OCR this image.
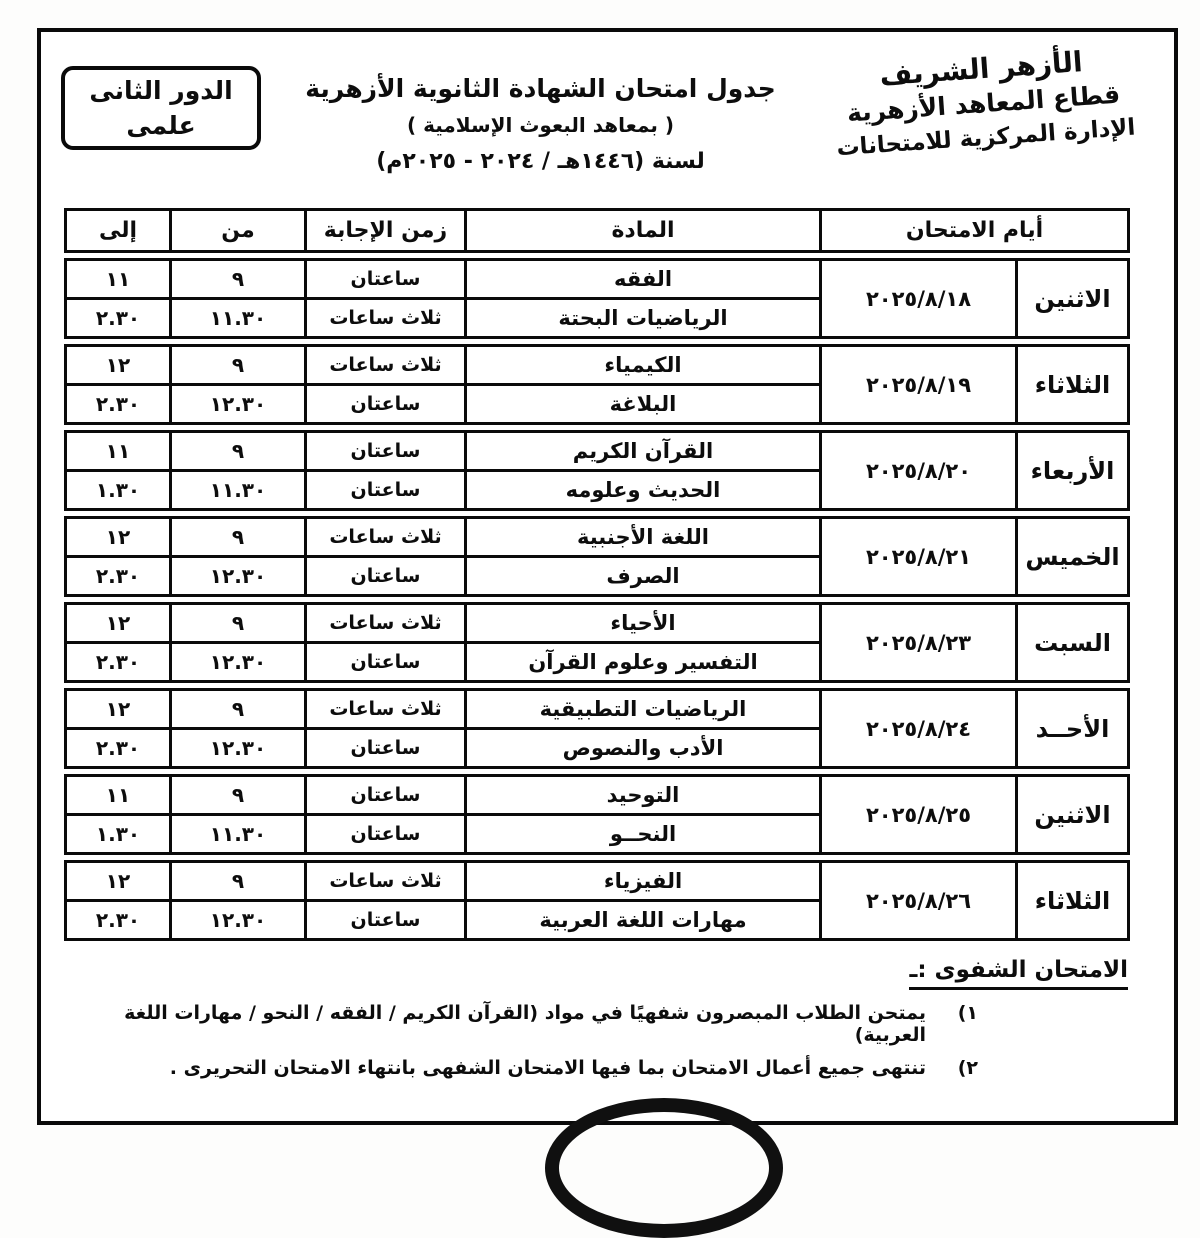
الأزهر الشريف
قطاع المعاهد الأزهرية
الإدارة المركزية للامتحانات
جدول امتحان الشهادة الثانوية الأزهرية
( بمعاهد البعوث الإسلامية )
لسنة (١٤٤٦هـ / ٢٠٢٤ - ٢٠٢٥م)
الدور الثانى
علمى
أيام الامتحان	المادة	زمن الإجابة	من	إلى
الاثنين	٢٠٢٥/٨/١٨	الفقه	ساعتان	٩	١١
		الرياضيات البحتة	ثلاث ساعات	١١.٣٠	٢.٣٠
الثلاثاء	٢٠٢٥/٨/١٩	الكيمياء	ثلاث ساعات	٩	١٢
		البلاغة	ساعتان	١٢.٣٠	٢.٣٠
الأربعاء	٢٠٢٥/٨/٢٠	القرآن الكريم	ساعتان	٩	١١
		الحديث وعلومه	ساعتان	١١.٣٠	١.٣٠
الخميس	٢٠٢٥/٨/٢١	اللغة الأجنبية	ثلاث ساعات	٩	١٢
		الصرف	ساعتان	١٢.٣٠	٢.٣٠
السبت	٢٠٢٥/٨/٢٣	الأحياء	ثلاث ساعات	٩	١٢
		التفسير وعلوم القرآن	ساعتان	١٢.٣٠	٢.٣٠
الأحــد	٢٠٢٥/٨/٢٤	الرياضيات التطبيقية	ثلاث ساعات	٩	١٢
		الأدب والنصوص	ساعتان	١٢.٣٠	٢.٣٠
الاثنين	٢٠٢٥/٨/٢٥	التوحيد	ساعتان	٩	١١
		النحــو	ساعتان	١١.٣٠	١.٣٠
الثلاثاء	٢٠٢٥/٨/٢٦	الفيزياء	ثلاث ساعات	٩	١٢
		مهارات اللغة العربية	ساعتان	١٢.٣٠	٢.٣٠
الامتحان الشفوى :ـ
١)
يمتحن الطلاب المبصرون شفهيًا في مواد (القرآن الكريم / الفقه / النحو / مهارات اللغة العربية)
٢)
تنتهى جميع أعمال الامتحان بما فيها الامتحان الشفهى بانتهاء الامتحان التحريرى .
